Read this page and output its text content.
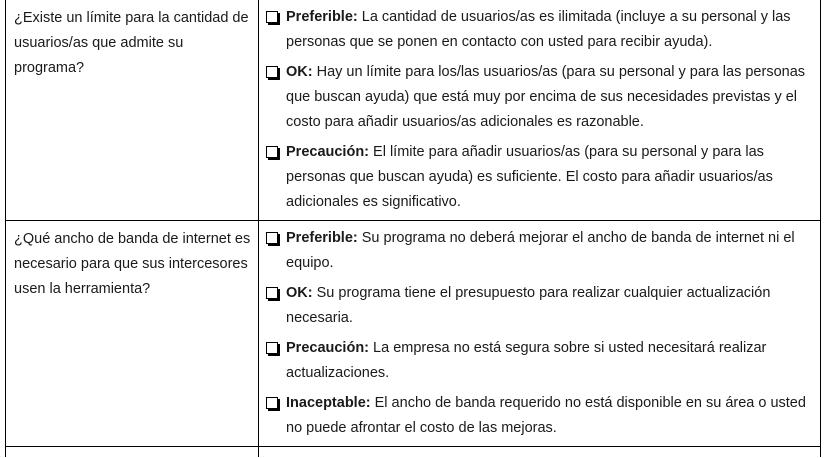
¿Existe un límite para la cantidad de usuarios/as que admite su programa?	Preferible: La cantidad de usuarios/as es ilimitada (incluye a su personal y las personas que se ponen en contacto con usted para recibir ayuda).
OK: Hay un límite para los/las usuarios/as (para su personal y para las personas que buscan ayuda) que está muy por encima de sus necesidades previstas y el costo para añadir usuarios/as adicionales es razonable.
Precaución: El límite para añadir usuarios/as (para su personal y para las personas que buscan ayuda) es suficiente. El costo para añadir usuarios/as adicionales es significativo.

¿Qué ancho de banda de internet es necesario para que sus intercesores usen la herramienta?	Preferible: Su programa no deberá mejorar el ancho de banda de internet ni el equipo.
OK: Su programa tiene el presupuesto para realizar cualquier actualización necesaria.
Precaución: La empresa no está segura sobre si usted necesitará realizar actualizaciones.
Inaceptable: El ancho de banda requerido no está disponible en su área o usted no puede afrontar el costo de las mejoras.
